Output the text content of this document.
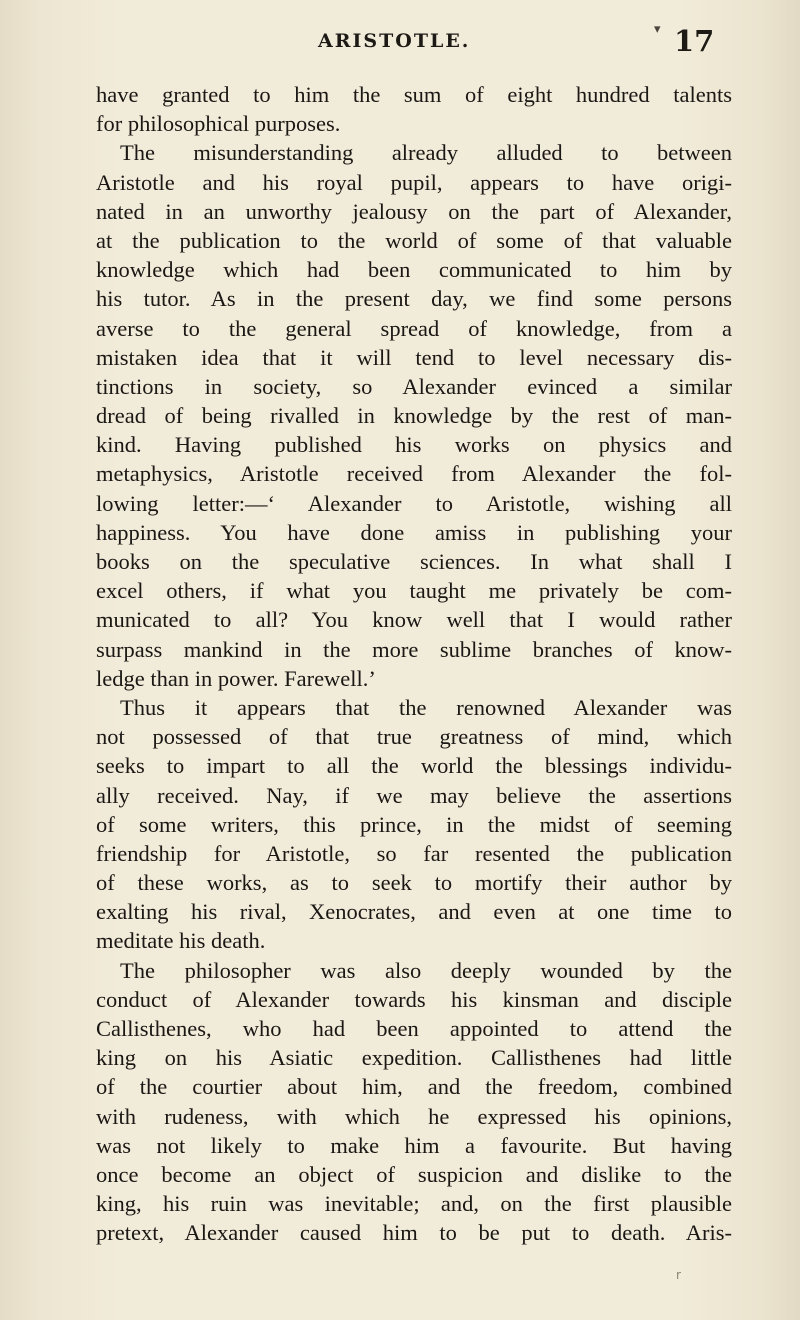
ARISTOTLE.
▾ 17
have granted to him the sum of eight hundred talents
for philosophical purposes.
The misunderstanding already alluded to between
Aristotle and his royal pupil, appears to have origi-
nated in an unworthy jealousy on the part of Alexander,
at the publication to the world of some of that valuable
knowledge which had been communicated to him by
his tutor. As in the present day, we find some persons
averse to the general spread of knowledge, from a
mistaken idea that it will tend to level necessary dis-
tinctions in society, so Alexander evinced a similar
dread of being rivalled in knowledge by the rest of man-
kind. Having published his works on physics and
metaphysics, Aristotle received from Alexander the fol-
lowing letter:—‘ Alexander to Aristotle, wishing all
happiness. You have done amiss in publishing your
books on the speculative sciences. In what shall I
excel others, if what you taught me privately be com-
municated to all? You know well that I would rather
surpass mankind in the more sublime branches of know-
ledge than in power. Farewell.’
Thus it appears that the renowned Alexander was
not possessed of that true greatness of mind, which
seeks to impart to all the world the blessings individu-
ally received. Nay, if we may believe the assertions
of some writers, this prince, in the midst of seeming
friendship for Aristotle, so far resented the publication
of these works, as to seek to mortify their author by
exalting his rival, Xenocrates, and even at one time to
meditate his death.
The philosopher was also deeply wounded by the
conduct of Alexander towards his kinsman and disciple
Callisthenes, who had been appointed to attend the
king on his Asiatic expedition. Callisthenes had little
of the courtier about him, and the freedom, combined
with rudeness, with which he expressed his opinions,
was not likely to make him a favourite. But having
once become an object of suspicion and dislike to the
king, his ruin was inevitable; and, on the first plausible
pretext, Alexander caused him to be put to death. Aris-
r
